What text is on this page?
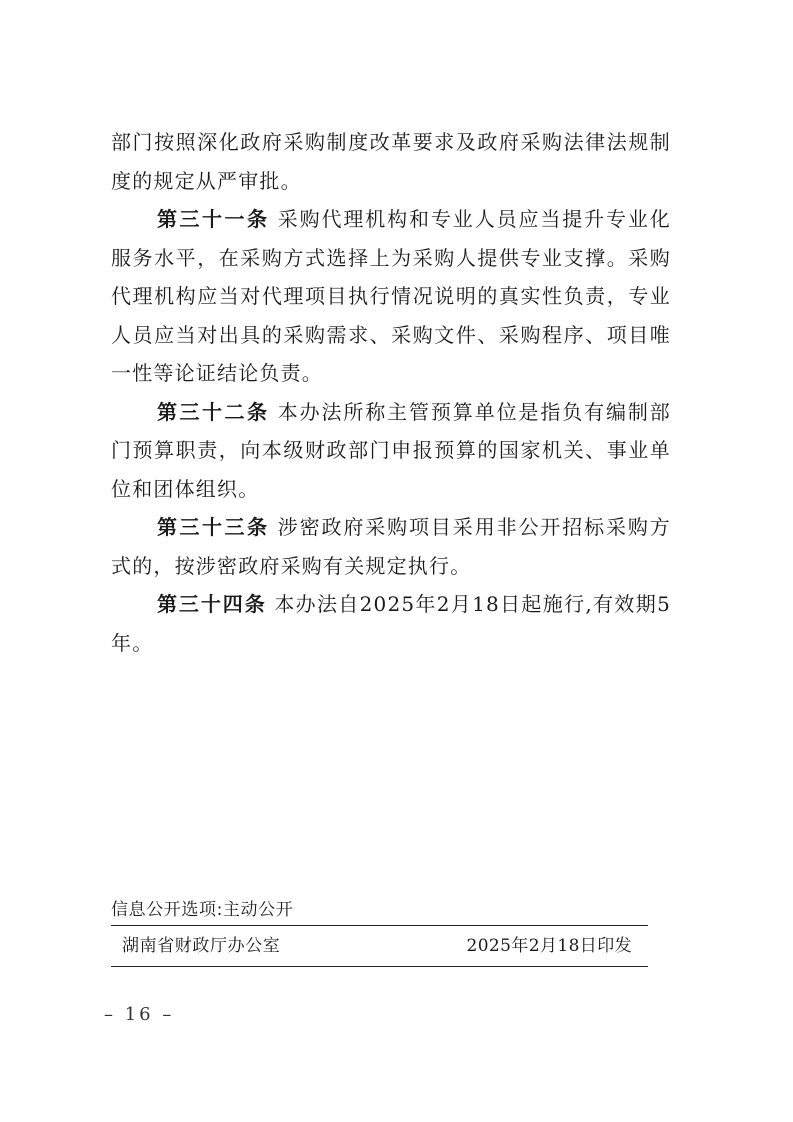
部门按照深化政府采购制度改革要求及政府采购法律法规制度的规定从严审批。

第三十一条 采购代理机构和专业人员应当提升专业化服务水平，在采购方式选择上为采购人提供专业支撑。采购代理机构应当对代理项目执行情况说明的真实性负责，专业人员应当对出具的采购需求、采购文件、采购程序、项目唯一性等论证结论负责。

第三十二条 本办法所称主管预算单位是指负有编制部门预算职责，向本级财政部门申报预算的国家机关、事业单位和团体组织。

第三十三条 涉密政府采购项目采用非公开招标采购方式的，按涉密政府采购有关规定执行。

第三十四条 本办法自2025年2月18日起施行,有效期5年。

信息公开选项:主动公开
湖南省财政厅办公室	2025年2月18日印发
– 16 –
